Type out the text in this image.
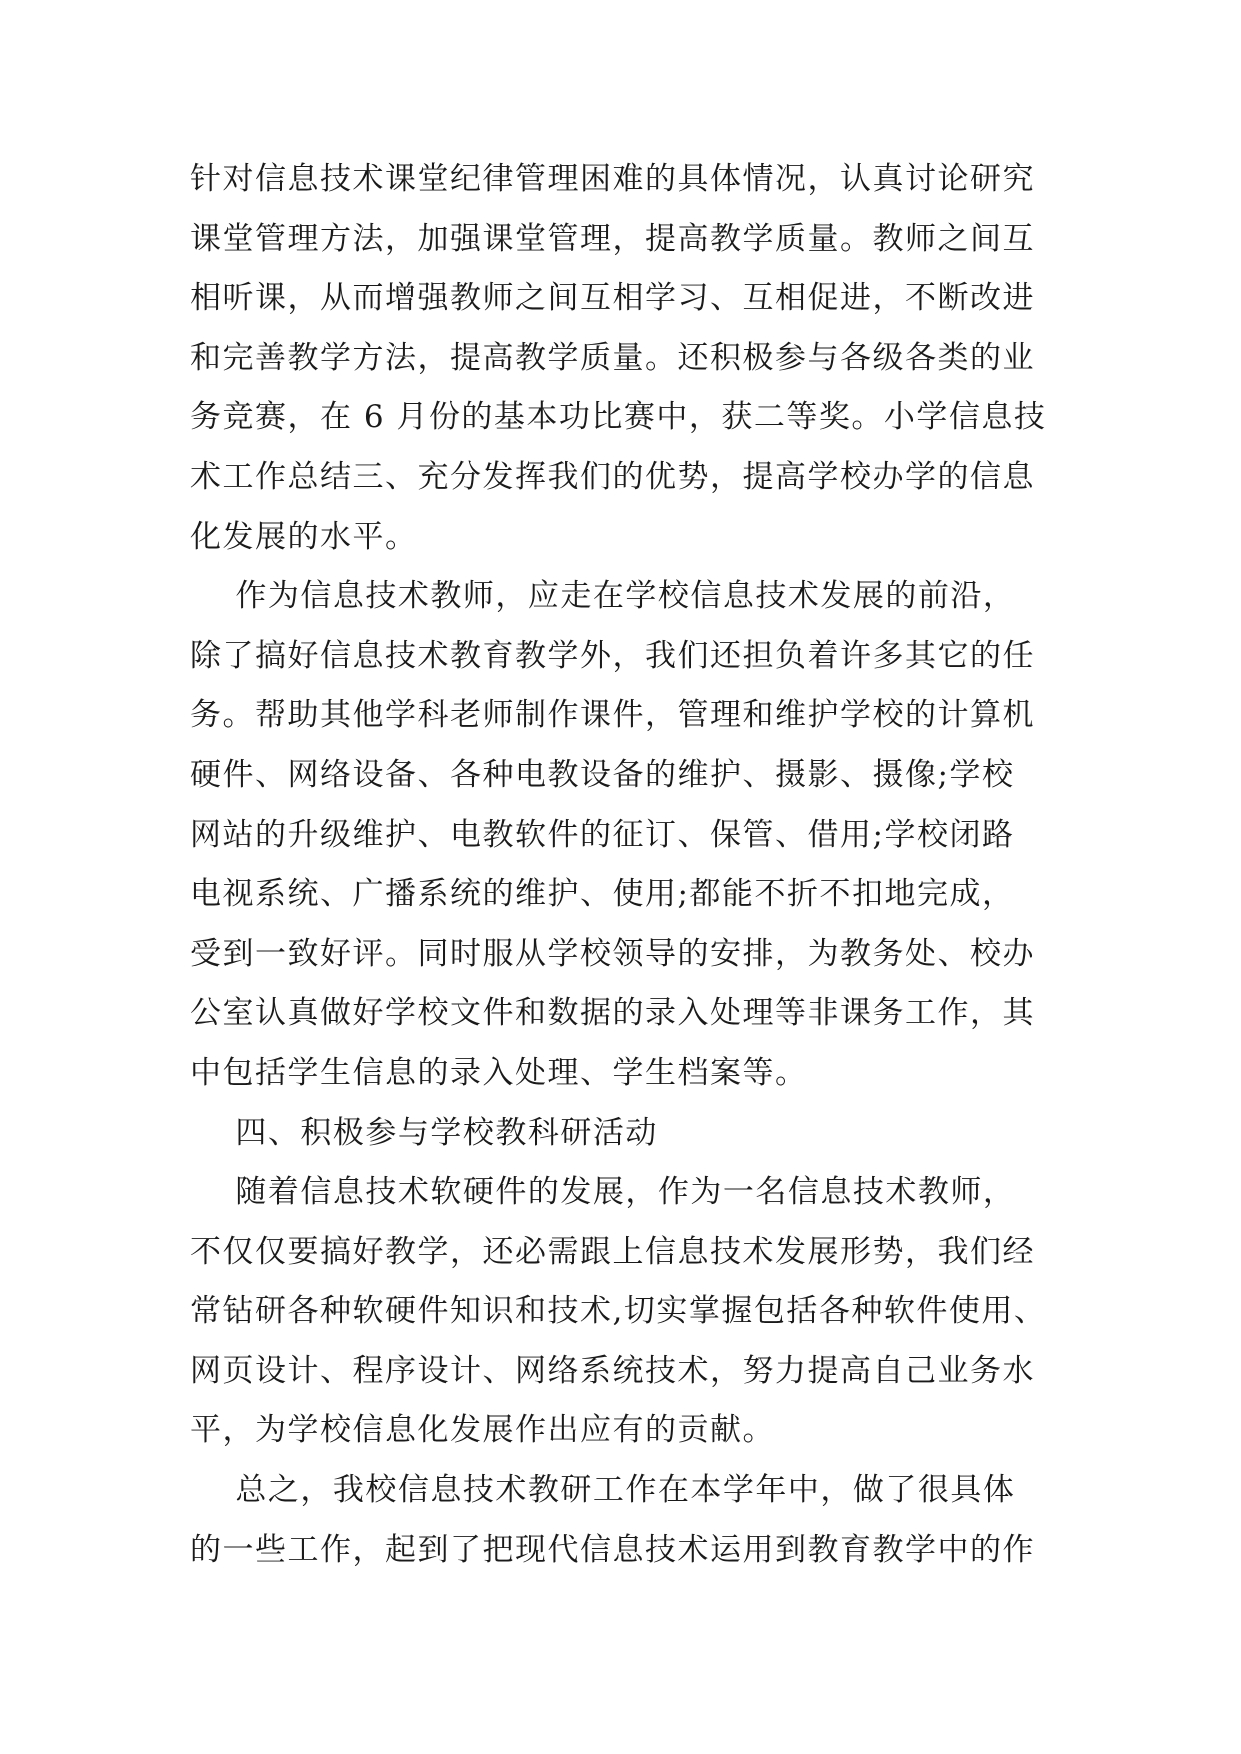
针对信息技术课堂纪律管理困难的具体情况，认真讨论研究
课堂管理方法，加强课堂管理，提高教学质量。教师之间互
相听课，从而增强教师之间互相学习、互相促进，不断改进
和完善教学方法，提高教学质量。还积极参与各级各类的业
务竞赛，在 6 月份的基本功比赛中，获二等奖。小学信息技
术工作总结三、充分发挥我们的优势，提高学校办学的信息
化发展的水平。
作为信息技术教师，应走在学校信息技术发展的前沿，
除了搞好信息技术教育教学外，我们还担负着许多其它的任
务。帮助其他学科老师制作课件，管理和维护学校的计算机
硬件、网络设备、各种电教设备的维护、摄影、摄像;学校
网站的升级维护、电教软件的征订、保管、借用;学校闭路
电视系统、广播系统的维护、使用;都能不折不扣地完成，
受到一致好评。同时服从学校领导的安排，为教务处、校办
公室认真做好学校文件和数据的录入处理等非课务工作，其
中包括学生信息的录入处理、学生档案等。
四、积极参与学校教科研活动
随着信息技术软硬件的发展，作为一名信息技术教师，
不仅仅要搞好教学，还必需跟上信息技术发展形势，我们经
常钻研各种软硬件知识和技术,切实掌握包括各种软件使用、
网页设计、程序设计、网络系统技术，努力提高自己业务水
平，为学校信息化发展作出应有的贡献。
总之，我校信息技术教研工作在本学年中，做了很具体
的一些工作，起到了把现代信息技术运用到教育教学中的作
